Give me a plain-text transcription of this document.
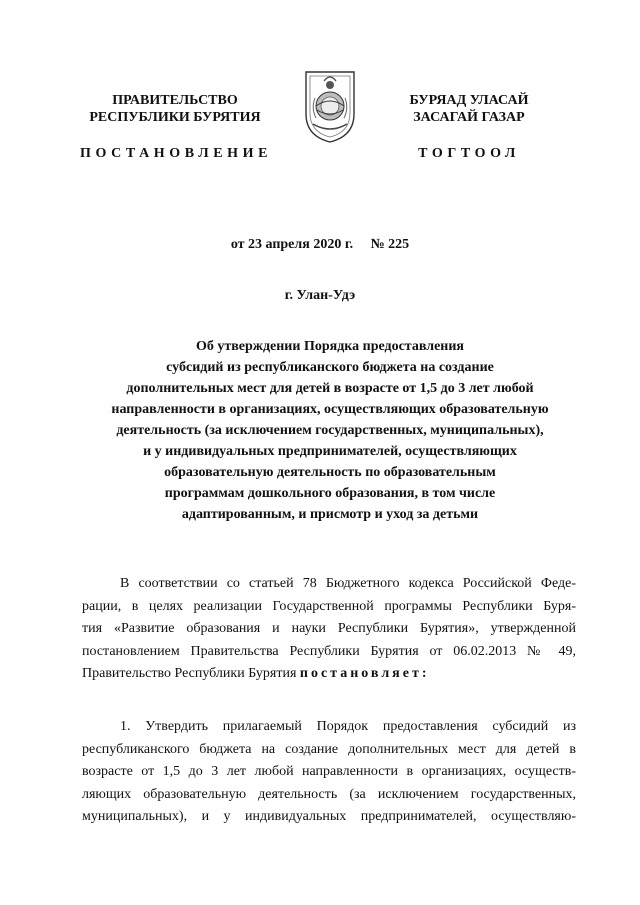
ПРАВИТЕЛЬСТВО
РЕСПУБЛИКИ БУРЯТИЯ
ПОСТАНОВЛЕНИЕ
БУРЯАД УЛАСАЙ
ЗАСАГАЙ ГАЗАР
ТОГТООЛ
от 23 апреля 2020 г. № 225
г. Улан-Удэ
Об утверждении Порядка предоставления
субсидий из республиканского бюджета на создание
дополнительных мест для детей в возрасте от 1,5 до 3 лет любой
направленности в организациях, осуществляющих образовательную
деятельность (за исключением государственных, муниципальных),
и у индивидуальных предпринимателей, осуществляющих
образовательную деятельность по образовательным
программам дошкольного образования, в том числе
адаптированным, и присмотр и уход за детьми
В соответствии со статьей 78 Бюджетного кодекса Российской Феде-
рации, в целях реализации Государственной программы Республики Буря-
тия «Развитие образования и науки Республики Бурятия», утвержденной
постановлением Правительства Республики Бурятия от 06.02.2013 № 49,
Правительство Республики Бурятия постановляет:
1. Утвердить прилагаемый Порядок предоставления субсидий из
республиканского бюджета на создание дополнительных мест для детей в
возрасте от 1,5 до 3 лет любой направленности в организациях, осуществ-
ляющих образовательную деятельность (за исключением государственных,
муниципальных), и у индивидуальных предпринимателей, осуществляю-
